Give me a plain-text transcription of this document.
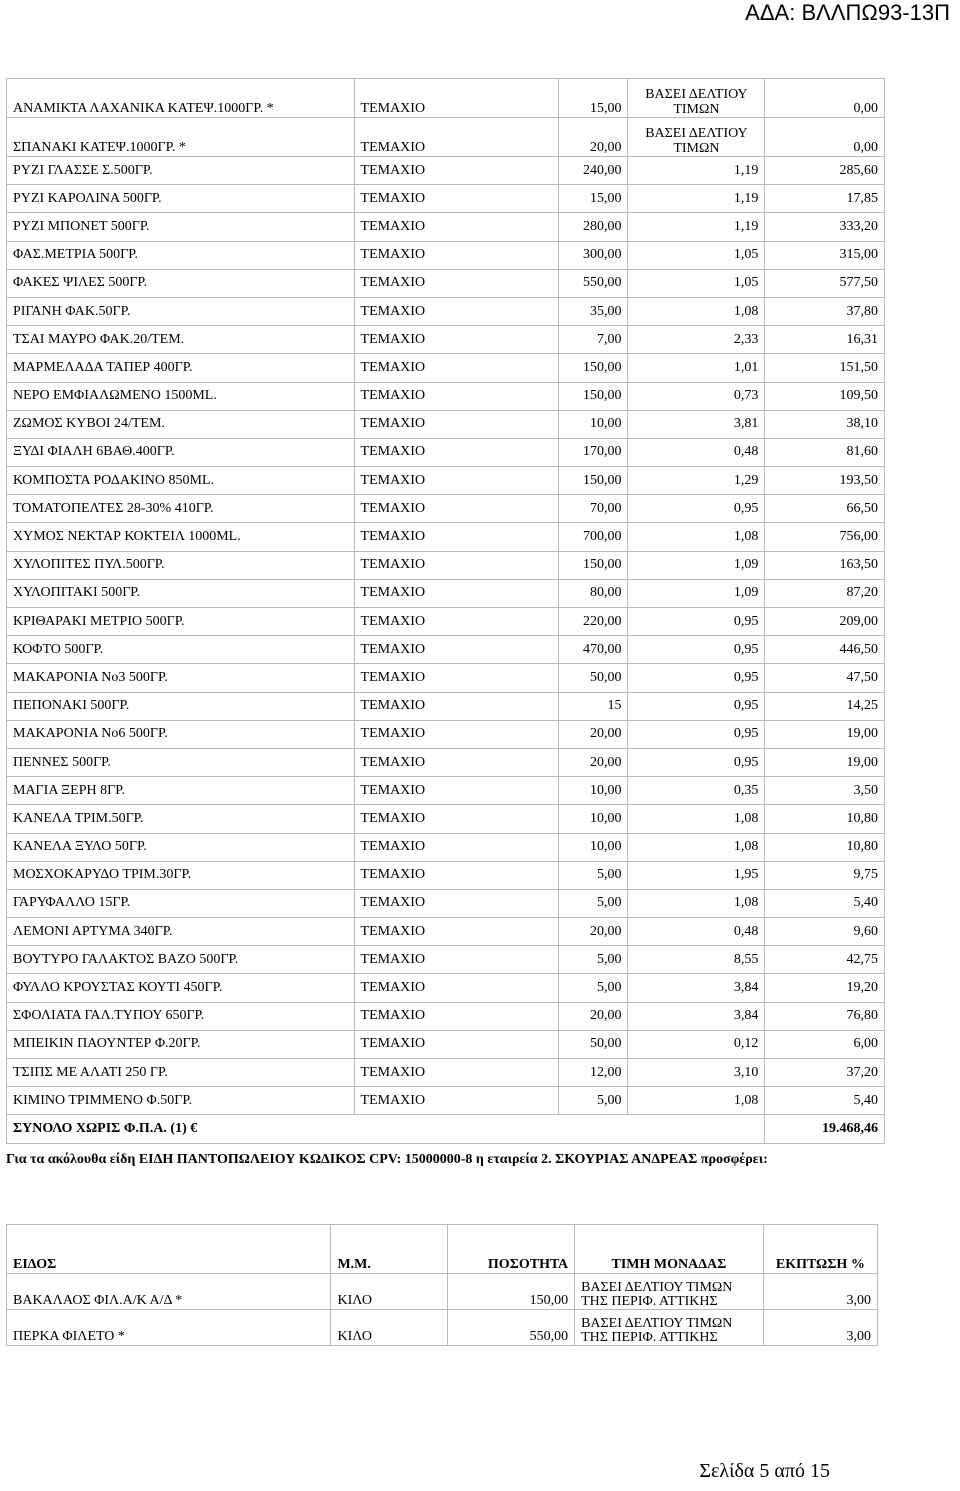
ΑΔΑ: ΒΛΛΠΩ93-13Π
ΑΝΑΜΙΚΤΑ ΛΑΧΑΝΙΚΑ ΚΑΤΕΨ.1000ΓΡ. *	ΤΕΜΑΧΙΟ	15,00	ΒΑΣΕΙ ΔΕΛΤΙΟΥ ΤΙΜΩΝ	0,00
ΣΠΑΝΑΚΙ ΚΑΤΕΨ.1000ΓΡ. *	ΤΕΜΑΧΙΟ	20,00	ΒΑΣΕΙ ΔΕΛΤΙΟΥ ΤΙΜΩΝ	0,00
ΡΥΖΙ ΓΛΑΣΣΕ Σ.500ΓΡ.	ΤΕΜΑΧΙΟ	240,00	1,19	285,60
ΡΥΖΙ ΚΑΡΟΛΙΝΑ 500ΓΡ.	ΤΕΜΑΧΙΟ	15,00	1,19	17,85
ΡΥΖΙ ΜΠΟΝΕΤ 500ΓΡ.	ΤΕΜΑΧΙΟ	280,00	1,19	333,20
ΦΑΣ.ΜΕΤΡΙΑ 500ΓΡ.	ΤΕΜΑΧΙΟ	300,00	1,05	315,00
ΦΑΚΕΣ ΨΙΛΕΣ 500ΓΡ.	ΤΕΜΑΧΙΟ	550,00	1,05	577,50
ΡΙΓΑΝΗ ΦΑΚ.50ΓΡ.	ΤΕΜΑΧΙΟ	35,00	1,08	37,80
ΤΣΑΙ ΜΑΥΡΟ ΦΑΚ.20/ΤΕΜ.	ΤΕΜΑΧΙΟ	7,00	2,33	16,31
ΜΑΡΜΕΛΑΔΑ ΤΑΠΕΡ 400ΓΡ.	ΤΕΜΑΧΙΟ	150,00	1,01	151,50
ΝΕΡΟ ΕΜΦΙΑΛΩΜΕΝΟ 1500ML.	ΤΕΜΑΧΙΟ	150,00	0,73	109,50
ΖΩΜΟΣ ΚΥΒΟΙ 24/ΤΕΜ.	ΤΕΜΑΧΙΟ	10,00	3,81	38,10
ΞΥΔΙ ΦΙΑΛΗ 6ΒΑΘ.400ΓΡ.	ΤΕΜΑΧΙΟ	170,00	0,48	81,60
ΚΟΜΠΟΣΤΑ ΡΟΔΑΚΙΝΟ 850ML.	ΤΕΜΑΧΙΟ	150,00	1,29	193,50
ΤΟΜΑΤΟΠΕΛΤΕΣ 28-30% 410ΓΡ.	ΤΕΜΑΧΙΟ	70,00	0,95	66,50
ΧΥΜΟΣ ΝΕΚΤΑΡ ΚΟΚΤΕΙΛ 1000ML.	ΤΕΜΑΧΙΟ	700,00	1,08	756,00
ΧΥΛΟΠΙΤΕΣ ΠΥΛ.500ΓΡ.	ΤΕΜΑΧΙΟ	150,00	1,09	163,50
ΧΥΛΟΠΙΤΑΚΙ 500ΓΡ.	ΤΕΜΑΧΙΟ	80,00	1,09	87,20
ΚΡΙΘΑΡΑΚΙ ΜΕΤΡΙΟ 500ΓΡ.	ΤΕΜΑΧΙΟ	220,00	0,95	209,00
ΚΟΦΤΟ 500ΓΡ.	ΤΕΜΑΧΙΟ	470,00	0,95	446,50
ΜΑΚΑΡΟΝΙΑ Νο3 500ΓΡ.	ΤΕΜΑΧΙΟ	50,00	0,95	47,50
ΠΕΠΟΝΑΚΙ 500ΓΡ.	ΤΕΜΑΧΙΟ	15	0,95	14,25
ΜΑΚΑΡΟΝΙΑ Νο6 500ΓΡ.	ΤΕΜΑΧΙΟ	20,00	0,95	19,00
ΠΕΝΝΕΣ 500ΓΡ.	ΤΕΜΑΧΙΟ	20,00	0,95	19,00
ΜΑΓΙΑ ΞΕΡΗ 8ΓΡ.	ΤΕΜΑΧΙΟ	10,00	0,35	3,50
ΚΑΝΕΛΑ ΤΡΙΜ.50ΓΡ.	ΤΕΜΑΧΙΟ	10,00	1,08	10,80
ΚΑΝΕΛΑ ΞΥΛΟ 50ΓΡ.	ΤΕΜΑΧΙΟ	10,00	1,08	10,80
ΜΟΣΧΟΚΑΡΥΔΟ ΤΡΙΜ.30ΓΡ.	ΤΕΜΑΧΙΟ	5,00	1,95	9,75
ΓΑΡΥΦΑΛΛΟ 15ΓΡ.	ΤΕΜΑΧΙΟ	5,00	1,08	5,40
ΛΕΜΟΝΙ ΑΡΤΥΜΑ 340ΓΡ.	ΤΕΜΑΧΙΟ	20,00	0,48	9,60
ΒΟΥΤΥΡΟ ΓΑΛΑΚΤΟΣ ΒΑΖΟ 500ΓΡ.	ΤΕΜΑΧΙΟ	5,00	8,55	42,75
ΦΥΛΛΟ ΚΡΟΥΣΤΑΣ ΚΟΥΤΙ 450ΓΡ.	ΤΕΜΑΧΙΟ	5,00	3,84	19,20
ΣΦΟΛΙΑΤΑ ΓΑΛ.ΤΥΠΟΥ 650ΓΡ.	ΤΕΜΑΧΙΟ	20,00	3,84	76,80
ΜΠΕΙΚΙΝ ΠΑΟΥΝΤΕΡ Φ.20ΓΡ.	ΤΕΜΑΧΙΟ	50,00	0,12	6,00
ΤΣΙΠΣ ΜΕ ΑΛΑΤΙ 250 ΓΡ.	ΤΕΜΑΧΙΟ	12,00	3,10	37,20
ΚΙΜΙΝΟ ΤΡΙΜΜΕΝΟ Φ.50ΓΡ.	ΤΕΜΑΧΙΟ	5,00	1,08	5,40
ΣΥΝΟΛΟ ΧΩΡΙΣ Φ.Π.Α. (1) €				19.468,46
Για τα ακόλουθα είδη ΕΙΔΗ ΠΑΝΤΟΠΩΛΕΙΟΥ ΚΩΔΙΚΟΣ CPV: 15000000-8 η εταιρεία 2. ΣΚΟΥΡΙΑΣ ΑΝΔΡΕΑΣ προσφέρει:
ΕΙΔΟΣ	Μ.Μ.	ΠΟΣΟΤΗΤΑ	ΤΙΜΗ ΜΟΝΑΔΑΣ	ΕΚΠΤΩΣΗ %
ΒΑΚΑΛΑΟΣ ΦΙΛ.Α/Κ Α/Δ *	ΚΙΛΟ	150,00	ΒΑΣΕΙ ΔΕΛΤΙΟΥ ΤΙΜΩΝ ΤΗΣ ΠΕΡΙΦ. ΑΤΤΙΚΗΣ	3,00
ΠΕΡΚΑ ΦΙΛΕΤΟ *	ΚΙΛΟ	550,00	ΒΑΣΕΙ ΔΕΛΤΙΟΥ ΤΙΜΩΝ ΤΗΣ ΠΕΡΙΦ. ΑΤΤΙΚΗΣ	3,00
Σελίδα 5 από 15
